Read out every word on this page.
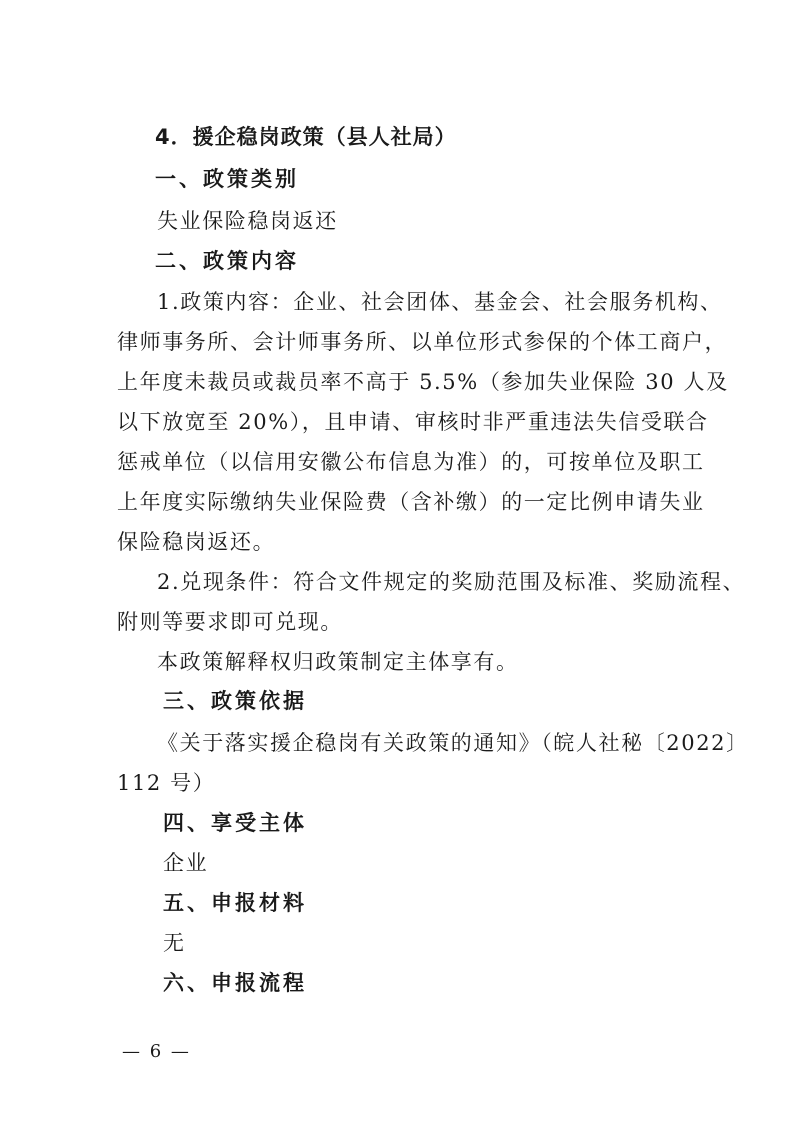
4．援企稳岗政策（县人社局）
一、政策类别
失业保险稳岗返还
二、政策内容
1.政策内容：企业、社会团体、基金会、社会服务机构、
律师事务所、会计师事务所、以单位形式参保的个体工商户，
上年度未裁员或裁员率不高于 5.5%（参加失业保险 30 人及
以下放宽至 20%），且申请、审核时非严重违法失信受联合
惩戒单位（以信用安徽公布信息为准）的，可按单位及职工
上年度实际缴纳失业保险费（含补缴）的一定比例申请失业
保险稳岗返还。
2.兑现条件：符合文件规定的奖励范围及标准、奖励流程、
附则等要求即可兑现。
本政策解释权归政策制定主体享有。
三、政策依据
《关于落实援企稳岗有关政策的通知》（皖人社秘〔2022〕
112 号）
四、享受主体
企业
五、申报材料
无
六、申报流程
— 6 —
